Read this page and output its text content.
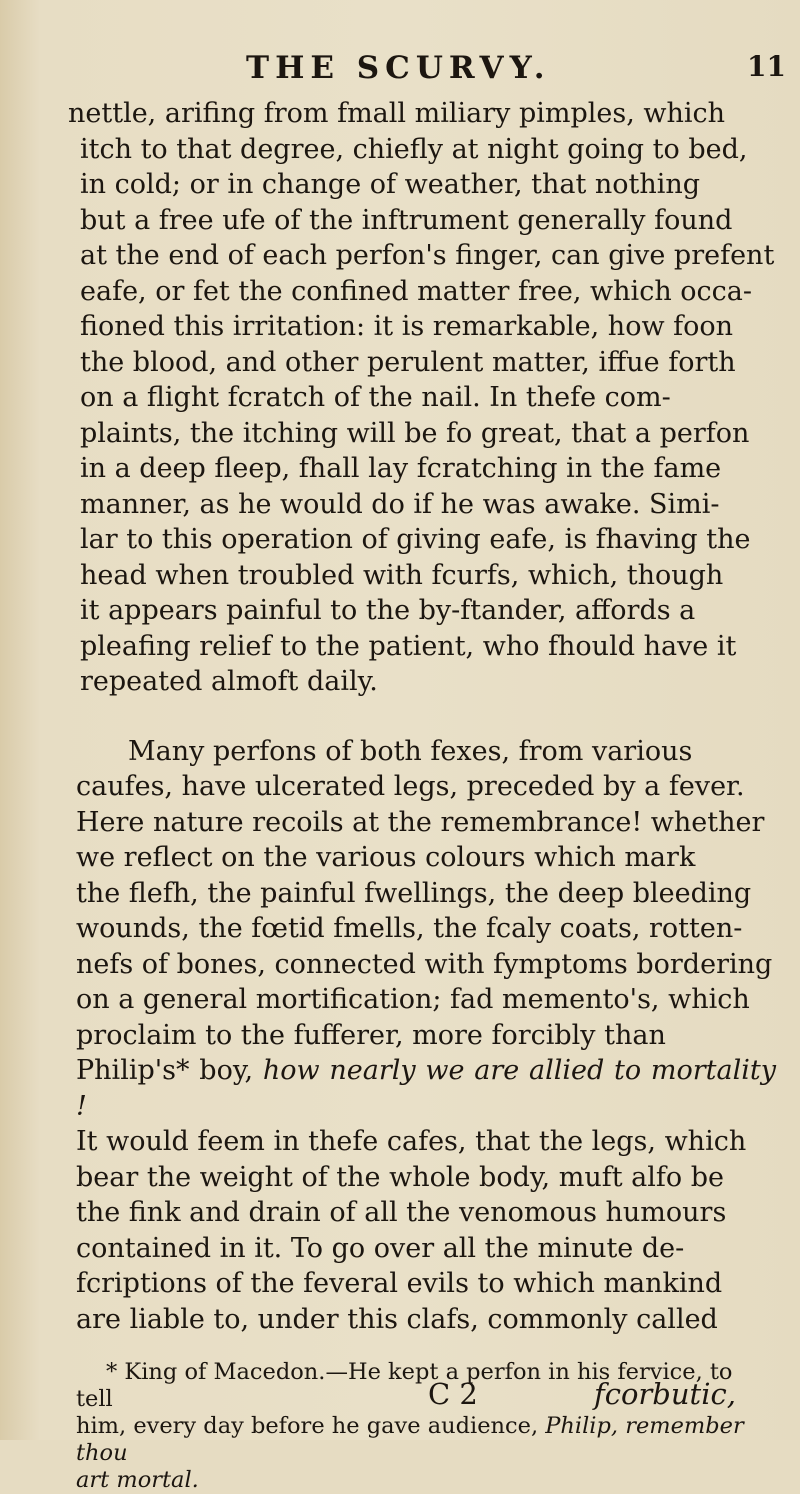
THE SCURVY.	11

nettle, arifing from fmall miliary pimples, which
itch to that degree, chiefly at night going to bed,
in cold; or in change of weather, that nothing
but a free ufe of the inftrument generally found
at the end of each perfon's finger, can give prefent
eafe, or fet the confined matter free, which occa-
fioned this irritation: it is remarkable, how foon
the blood, and other perulent matter, iffue forth
on a flight fcratch of the nail. In thefe com-
plaints, the itching will be fo great, that a perfon
in a deep fleep, fhall lay fcratching in the fame
manner, as he would do if he was awake. Simi-
lar to this operation of giving eafe, is fhaving the
head when troubled with fcurfs, which, though
it appears painful to the by-ftander, affords a
pleafing relief to the patient, who fhould have it
repeated almoft daily.

Many perfons of both fexes, from various
caufes, have ulcerated legs, preceded by a fever.
Here nature recoils at the remembrance! whether
we reflect on the various colours which mark
the flefh, the painful fwellings, the deep bleeding
wounds, the fœtid fmells, the fcaly coats, rotten-
nefs of bones, connected with fymptoms bordering
on a general mortification; fad memento's, which
proclaim to the fufferer, more forcibly than
Philip's* boy, how nearly we are allied to mortality !
It would feem in thefe cafes, that the legs, which
bear the weight of the whole body, muft alfo be
the fink and drain of all the venomous humours
contained in it. To go over all the minute de-
fcriptions of the feveral evils to which mankind
are liable to, under this clafs, commonly called

* King of Macedon.—He kept a perfon in his fervice, to tell
him, every day before he gave audience, Philip, remember thou
art mortal.
C 2	fcorbutic,
